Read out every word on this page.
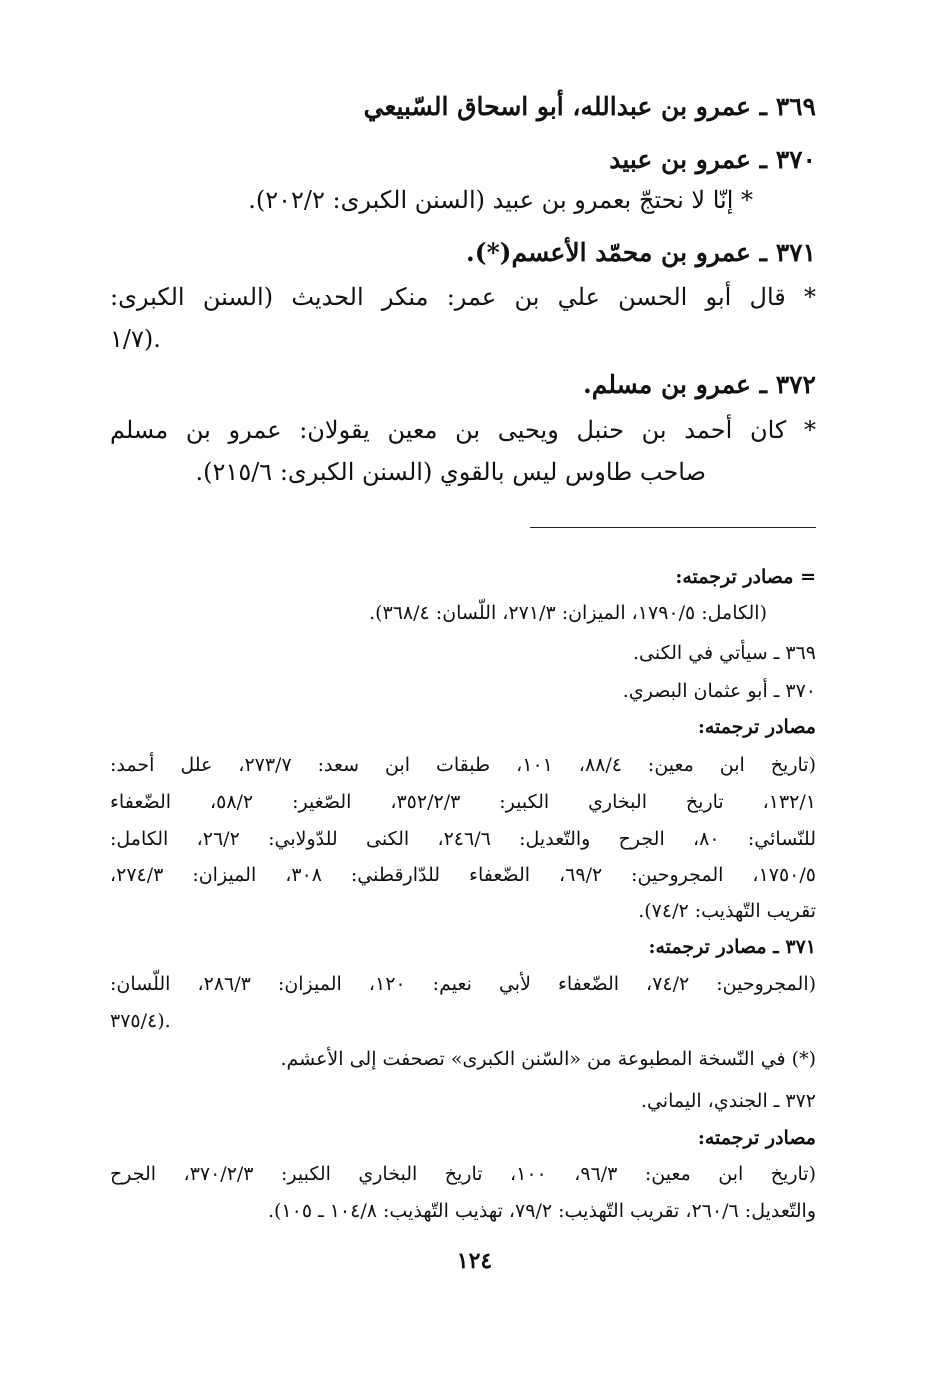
٣٦٩ ـ عمرو بن عبدالله، أبو اسحاق السّبيعي
٣٧٠ ـ عمرو بن عبيد
* إنّا لا نحتجّ بعمرو بن عبيد (السنن الكبرى: ٢٠٢/٢).
٣٧١ ـ عمرو بن محمّد الأعسم(*).
* قال أبو الحسن علي بن عمر: منكر الحديث (السنن الكبرى:
١/٧).
٣٧٢ ـ عمرو بن مسلم.
* كان أحمد بن حنبل ويحيى بن معين يقولان: عمرو بن مسلم
صاحب طاوس ليس بالقوي (السنن الكبرى: ٢١٥/٦).
= مصادر ترجمته:
(الكامل: ١٧٩٠/٥، الميزان: ٢٧١/٣، اللّسان: ٣٦٨/٤).
٣٦٩ ـ سيأتي في الكنى.
٣٧٠ ـ أبو عثمان البصري.
مصادر ترجمته:
(تاريخ ابن معين: ٨٨/٤، ١٠١، طبقات ابن سعد: ٢٧٣/٧، علل أحمد:
١٣٢/١، تاريخ البخاري الكبير: ٣٥٢/٢/٣، الصّغير: ٥٨/٢، الضّعفاء
للنّسائي: ٨٠، الجرح والتّعديل: ٢٤٦/٦، الكنى للدّولابي: ٢٦/٢، الكامل:
١٧٥٠/٥، المجروحين: ٦٩/٢، الضّعفاء للدّارقطني: ٣٠٨، الميزان: ٢٧٤/٣،
تقريب التّهذيب: ٧٤/٢).
٣٧١ ـ مصادر ترجمته:
(المجروحين: ٧٤/٢، الضّعفاء لأبي نعيم: ١٢٠، الميزان: ٢٨٦/٣، اللّسان:
٣٧٥/٤).
(*) في النّسخة المطبوعة من «السّنن الكبرى» تصحفت إلى الأعشم.
٣٧٢ ـ الجندي، اليماني.
مصادر ترجمته:
(تاريخ ابن معين: ٩٦/٣، ١٠٠، تاريخ البخاري الكبير: ٣٧٠/٢/٣، الجرح
والتّعديل: ٢٦٠/٦، تقريب التّهذيب: ٧٩/٢، تهذيب التّهذيب: ١٠٤/٨ ـ ١٠٥).
١٢٤
